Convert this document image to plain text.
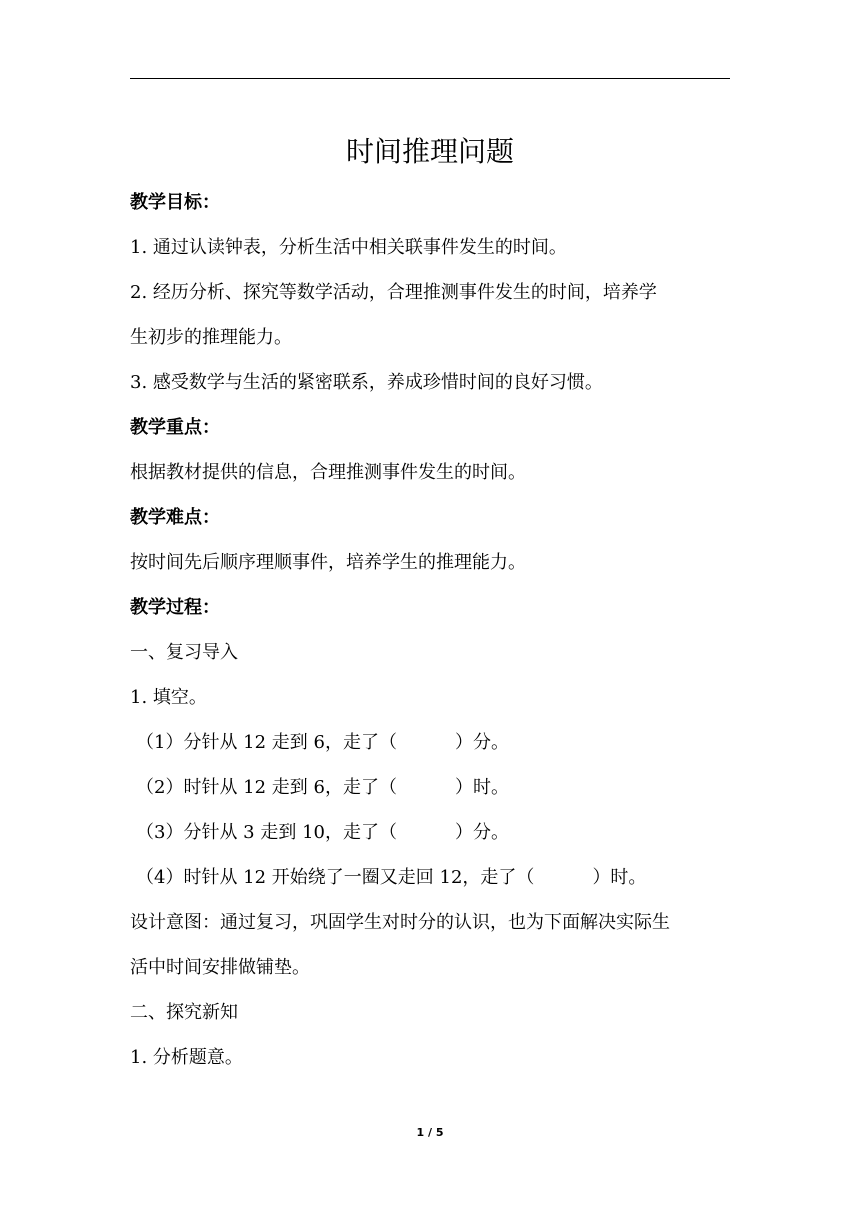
时间推理问题
教学目标：
1. 通过认读钟表，分析生活中相关联事件发生的时间。
2. 经历分析、探究等数学活动，合理推测事件发生的时间，培养学
生初步的推理能力。
3. 感受数学与生活的紧密联系，养成珍惜时间的良好习惯。
教学重点：
根据教材提供的信息，合理推测事件发生的时间。
教学难点：
按时间先后顺序理顺事件，培养学生的推理能力。
教学过程：
一、复习导入
1. 填空。
（1）分针从 12 走到 6，走了（	）分。
（2）时针从 12 走到 6，走了（	）时。
（3）分针从 3 走到 10，走了（	）分。
（4）时针从 12 开始绕了一圈又走回 12，走了（	）时。
设计意图：通过复习，巩固学生对时分的认识，也为下面解决实际生
活中时间安排做铺垫。
二、探究新知
1. 分析题意。
1 / 5
